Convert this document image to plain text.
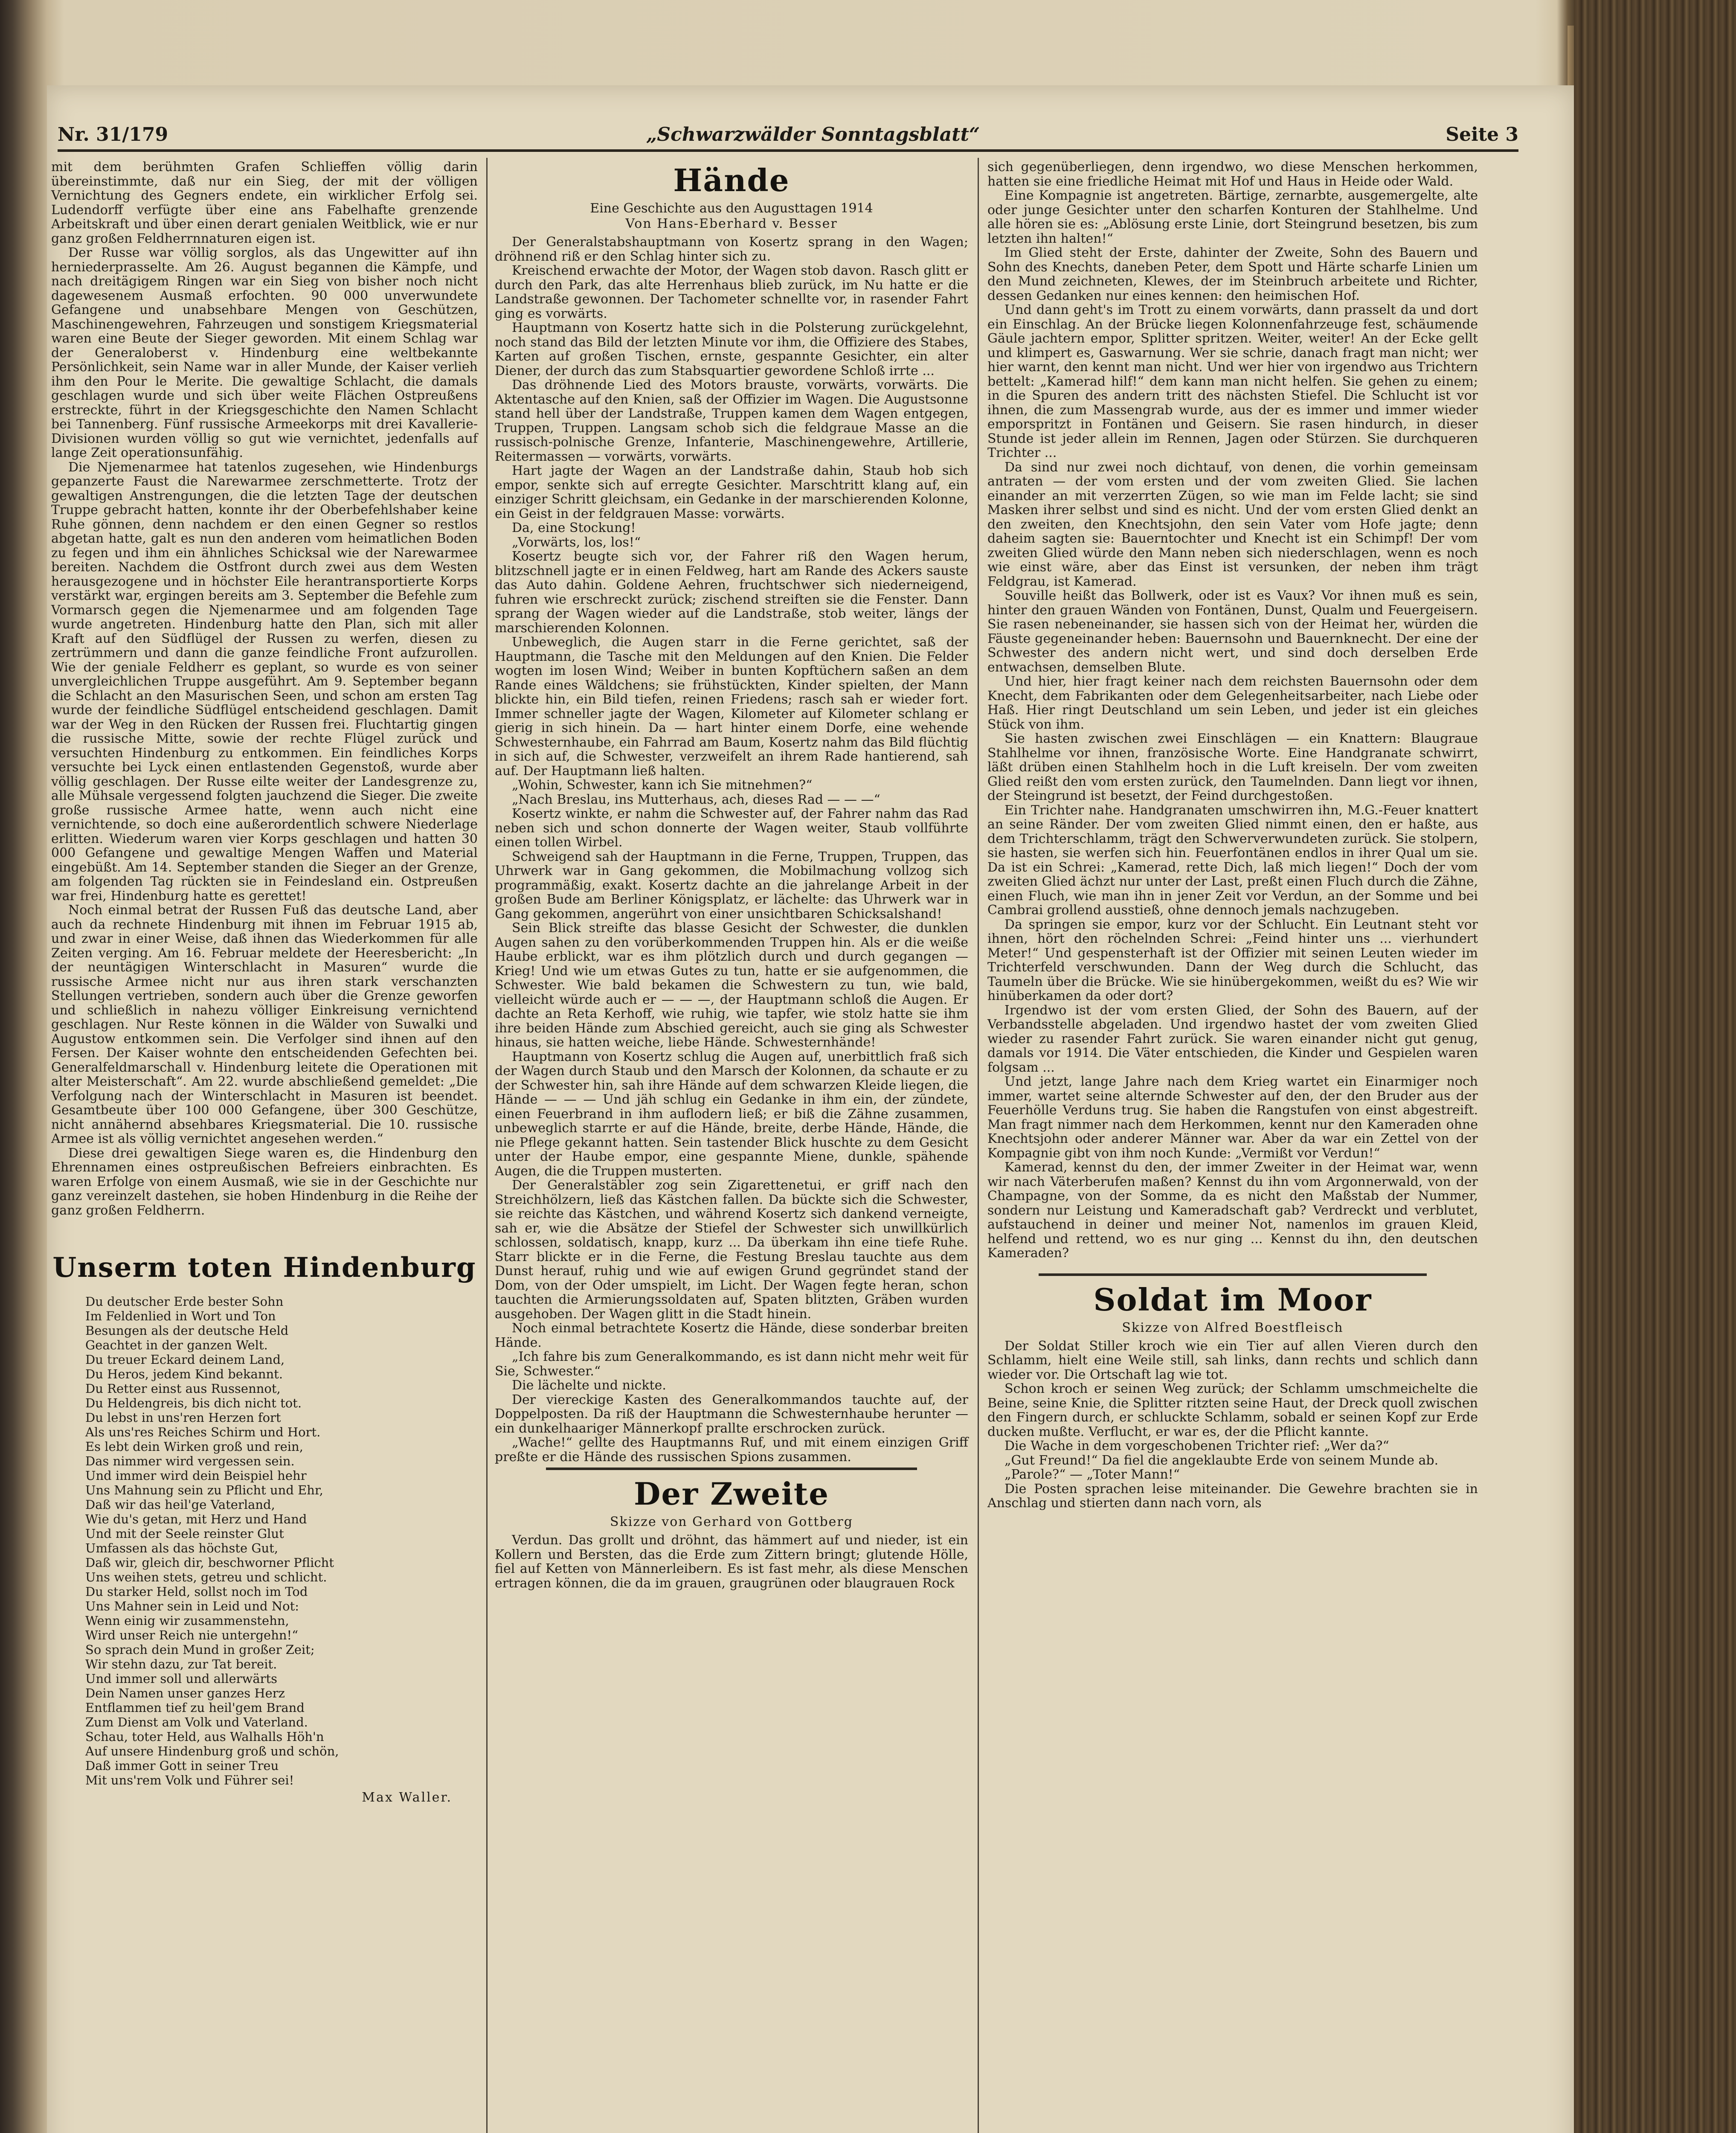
Nr. 31/179	„Schwarzwälder Sonntagsblatt“	Seite 3

mit dem berühmten Grafen Schlieffen völlig darin übereinstimmte, daß nur ein Sieg, der mit der völligen Vernichtung des Gegners endete, ein wirklicher Erfolg sei. Ludendorff verfügte über eine ans Fabelhafte grenzende Arbeitskraft und über einen derart genialen Weitblick, wie er nur ganz großen Feldherrnnaturen eigen ist.

Der Russe war völlig sorglos, als das Ungewitter auf ihn herniederprasselte. Am 26. August begannen die Kämpfe, und nach dreitägigem Ringen war ein Sieg von bisher noch nicht dagewesenem Ausmaß erfochten. 90 000 unverwundete Gefangene und unabsehbare Mengen von Geschützen, Maschinengewehren, Fahrzeugen und sonstigem Kriegsmaterial waren eine Beute der Sieger geworden. Mit einem Schlag war der Generaloberst v. Hindenburg eine weltbekannte Persönlichkeit, sein Name war in aller Munde, der Kaiser verlieh ihm den Pour le Merite. Die gewaltige Schlacht, die damals geschlagen wurde und sich über weite Flächen Ostpreußens erstreckte, führt in der Kriegsgeschichte den Namen Schlacht bei Tannenberg. Fünf russische Armeekorps mit drei Kavallerie-Divisionen wurden völlig so gut wie vernichtet, jedenfalls auf lange Zeit operationsunfähig.

Die Njemenarmee hat tatenlos zugesehen, wie Hindenburgs gepanzerte Faust die Narewarmee zerschmetterte. Trotz der gewaltigen Anstrengungen, die die letzten Tage der deutschen Truppe gebracht hatten, konnte ihr der Oberbefehlshaber keine Ruhe gönnen, denn nachdem er den einen Gegner so restlos abgetan hatte, galt es nun den anderen vom heimatlichen Boden zu fegen und ihm ein ähnliches Schicksal wie der Narewarmee bereiten. Nachdem die Ostfront durch zwei aus dem Westen herausgezogene und in höchster Eile herantransportierte Korps verstärkt war, ergingen bereits am 3. September die Befehle zum Vormarsch gegen die Njemenarmee und am folgenden Tage wurde angetreten. Hindenburg hatte den Plan, sich mit aller Kraft auf den Südflügel der Russen zu werfen, diesen zu zertrümmern und dann die ganze feindliche Front aufzurollen. Wie der geniale Feldherr es geplant, so wurde es von seiner unvergleichlichen Truppe ausgeführt. Am 9. September begann die Schlacht an den Masurischen Seen, und schon am ersten Tag wurde der feindliche Südflügel entscheidend geschlagen. Damit war der Weg in den Rücken der Russen frei. Fluchtartig gingen die russische Mitte, sowie der rechte Flügel zurück und versuchten Hindenburg zu entkommen. Ein feindliches Korps versuchte bei Lyck einen entlastenden Gegenstoß, wurde aber völlig geschlagen. Der Russe eilte weiter der Landesgrenze zu, alle Mühsale vergessend folgten jauchzend die Sieger. Die zweite große russische Armee hatte, wenn auch nicht eine vernichtende, so doch eine außerordentlich schwere Niederlage erlitten. Wiederum waren vier Korps geschlagen und hatten 30 000 Gefangene und gewaltige Mengen Waffen und Material eingebüßt. Am 14. September standen die Sieger an der Grenze, am folgenden Tag rückten sie in Feindesland ein. Ostpreußen war frei, Hindenburg hatte es gerettet!

Noch einmal betrat der Russen Fuß das deutsche Land, aber auch da rechnete Hindenburg mit ihnen im Februar 1915 ab, und zwar in einer Weise, daß ihnen das Wiederkommen für alle Zeiten verging. Am 16. Februar meldete der Heeresbericht: „In der neuntägigen Winterschlacht in Masuren“ wurde die russische Armee nicht nur aus ihren stark verschanzten Stellungen vertrieben, sondern auch über die Grenze geworfen und schließlich in nahezu völliger Einkreisung vernichtend geschlagen. Nur Reste können in die Wälder von Suwalki und Augustow entkommen sein. Die Verfolger sind ihnen auf den Fersen. Der Kaiser wohnte den entscheidenden Gefechten bei. Generalfeldmarschall v. Hindenburg leitete die Operationen mit alter Meisterschaft“. Am 22. wurde abschließend gemeldet: „Die Verfolgung nach der Winterschlacht in Masuren ist beendet. Gesamtbeute über 100 000 Gefangene, über 300 Geschütze, nicht annähernd absehbares Kriegsmaterial. Die 10. russische Armee ist als völlig vernichtet angesehen werden.“

Diese drei gewaltigen Siege waren es, die Hindenburg den Ehrennamen eines ostpreußischen Befreiers einbrachten. Es waren Erfolge von einem Ausmaß, wie sie in der Geschichte nur ganz vereinzelt dastehen, sie hoben Hindenburg in die Reihe der ganz großen Feldherrn.

Unserm toten Hindenburg
Du deutscher Erde bester Sohn
Im Feldenlied in Wort und Ton
Besungen als der deutsche Held
Geachtet in der ganzen Welt.
Du treuer Eckard deinem Land,
Du Heros, jedem Kind bekannt.
Du Retter einst aus Russennot,
Du Heldengreis, bis dich nicht tot.
Du lebst in uns'ren Herzen fort
Als uns'res Reiches Schirm und Hort.
Es lebt dein Wirken groß und rein,
Das nimmer wird vergessen sein.
Und immer wird dein Beispiel hehr
Uns Mahnung sein zu Pflicht und Ehr,
Daß wir das heil'ge Vaterland,
Wie du's getan, mit Herz und Hand
Und mit der Seele reinster Glut
Umfassen als das höchste Gut,
Daß wir, gleich dir, beschworner Pflicht
Uns weihen stets, getreu und schlicht.
Du starker Held, sollst noch im Tod
Uns Mahner sein in Leid und Not:
Wenn einig wir zusammenstehn,
Wird unser Reich nie untergehn!“
So sprach dein Mund in großer Zeit;
Wir stehn dazu, zur Tat bereit.
Und immer soll und allerwärts
Dein Namen unser ganzes Herz
Entflammen tief zu heil'gem Brand
Zum Dienst am Volk und Vaterland.
Schau, toter Held, aus Walhalls Höh'n
Auf unsere Hindenburg groß und schön,
Daß immer Gott in seiner Treu
Mit uns'rem Volk und Führer sei!
Max Waller.
Hände
Eine Geschichte aus den Augusttagen 1914
Von Hans-Eberhard v. Besser

Der Generalstabshauptmann von Kosertz sprang in den Wagen; dröhnend riß er den Schlag hinter sich zu.

Kreischend erwachte der Motor, der Wagen stob davon. Rasch glitt er durch den Park, das alte Herrenhaus blieb zurück, im Nu hatte er die Landstraße gewonnen. Der Tachometer schnellte vor, in rasender Fahrt ging es vorwärts.

Hauptmann von Kosertz hatte sich in die Polsterung zurückgelehnt, noch stand das Bild der letzten Minute vor ihm, die Offiziere des Stabes, Karten auf großen Tischen, ernste, gespannte Gesichter, ein alter Diener, der durch das zum Stabsquartier gewordene Schloß irrte ...

Das dröhnende Lied des Motors brauste, vorwärts, vorwärts. Die Aktentasche auf den Knien, saß der Offizier im Wagen. Die Augustsonne stand hell über der Landstraße, Truppen kamen dem Wagen entgegen, Truppen, Truppen. Langsam schob sich die feldgraue Masse an die russisch-polnische Grenze, Infanterie, Maschinengewehre, Artillerie, Reitermassen — vorwärts, vorwärts.

Hart jagte der Wagen an der Landstraße dahin, Staub hob sich empor, senkte sich auf erregte Gesichter. Marschtritt klang auf, ein einziger Schritt gleichsam, ein Gedanke in der marschierenden Kolonne, ein Geist in der feldgrauen Masse: vorwärts.

Da, eine Stockung!

„Vorwärts, los, los!“

Kosertz beugte sich vor, der Fahrer riß den Wagen herum, blitzschnell jagte er in einen Feldweg, hart am Rande des Ackers sauste das Auto dahin. Goldene Aehren, fruchtschwer sich niederneigend, fuhren wie erschreckt zurück; zischend streiften sie die Fenster. Dann sprang der Wagen wieder auf die Landstraße, stob weiter, längs der marschierenden Kolonnen.

Unbeweglich, die Augen starr in die Ferne gerichtet, saß der Hauptmann, die Tasche mit den Meldungen auf den Knien. Die Felder wogten im losen Wind; Weiber in bunten Kopftüchern saßen an dem Rande eines Wäldchens; sie frühstückten, Kinder spielten, der Mann blickte hin, ein Bild tiefen, reinen Friedens; rasch sah er wieder fort. Immer schneller jagte der Wagen, Kilometer auf Kilometer schlang er gierig in sich hinein. Da — hart hinter einem Dorfe, eine wehende Schwesternhaube, ein Fahrrad am Baum, Kosertz nahm das Bild flüchtig in sich auf, die Schwester, verzweifelt an ihrem Rade hantierend, sah auf. Der Hauptmann ließ halten.

„Wohin, Schwester, kann ich Sie mitnehmen?“

„Nach Breslau, ins Mutterhaus, ach, dieses Rad — — —“

Kosertz winkte, er nahm die Schwester auf, der Fahrer nahm das Rad neben sich und schon donnerte der Wagen weiter, Staub vollführte einen tollen Wirbel.

Schweigend sah der Hauptmann in die Ferne, Truppen, Truppen, das Uhrwerk war in Gang gekommen, die Mobilmachung vollzog sich programmäßig, exakt. Kosertz dachte an die jahrelange Arbeit in der großen Bude am Berliner Königsplatz, er lächelte: das Uhrwerk war in Gang gekommen, angerührt von einer unsichtbaren Schicksalshand!

Sein Blick streifte das blasse Gesicht der Schwester, die dunklen Augen sahen zu den vorüberkommenden Truppen hin. Als er die weiße Haube erblickt, war es ihm plötzlich durch und durch gegangen — Krieg! Und wie um etwas Gutes zu tun, hatte er sie aufgenommen, die Schwester. Wie bald bekamen die Schwestern zu tun, wie bald, vielleicht würde auch er — — —, der Hauptmann schloß die Augen. Er dachte an Reta Kerhoff, wie ruhig, wie tapfer, wie stolz hatte sie ihm ihre beiden Hände zum Abschied gereicht, auch sie ging als Schwester hinaus, sie hatten weiche, liebe Hände. Schwesternhände!

Hauptmann von Kosertz schlug die Augen auf, unerbittlich fraß sich der Wagen durch Staub und den Marsch der Kolonnen, da schaute er zu der Schwester hin, sah ihre Hände auf dem schwarzen Kleide liegen, die Hände — — — Und jäh schlug ein Gedanke in ihm ein, der zündete, einen Feuerbrand in ihm auflodern ließ; er biß die Zähne zusammen, unbeweglich starrte er auf die Hände, breite, derbe Hände, Hände, die nie Pflege gekannt hatten. Sein tastender Blick huschte zu dem Gesicht unter der Haube empor, eine gespannte Miene, dunkle, spähende Augen, die die Truppen musterten.

Der Generalstäbler zog sein Zigarettenetui, er griff nach den Streichhölzern, ließ das Kästchen fallen. Da bückte sich die Schwester, sie reichte das Kästchen, und während Kosertz sich dankend verneigte, sah er, wie die Absätze der Stiefel der Schwester sich unwillkürlich schlossen, soldatisch, knapp, kurz ... Da überkam ihn eine tiefe Ruhe. Starr blickte er in die Ferne, die Festung Breslau tauchte aus dem Dunst herauf, ruhig und wie auf ewigen Grund gegründet stand der Dom, von der Oder umspielt, im Licht. Der Wagen fegte heran, schon tauchten die Armierungssoldaten auf, Spaten blitzten, Gräben wurden ausgehoben. Der Wagen glitt in die Stadt hinein.

Noch einmal betrachtete Kosertz die Hände, diese sonderbar breiten Hände.

„Ich fahre bis zum Generalkommando, es ist dann nicht mehr weit für Sie, Schwester.“

Die lächelte und nickte.

Der viereckige Kasten des Generalkommandos tauchte auf, der Doppelposten. Da riß der Hauptmann die Schwesternhaube herunter — ein dunkelhaariger Männerkopf prallte erschrocken zurück.

„Wache!“ gellte des Hauptmanns Ruf, und mit einem einzigen Griff preßte er die Hände des russischen Spions zusammen.

Der Zweite
Skizze von Gerhard von Gottberg

Verdun. Das grollt und dröhnt, das hämmert auf und nieder, ist ein Kollern und Bersten, das die Erde zum Zittern bringt; glutende Hölle, fiel auf Ketten von Männerleibern. Es ist fast mehr, als diese Menschen ertragen können, die da im grauen, graugrünen oder blaugrauen Rock

sich gegenüberliegen, denn irgendwo, wo diese Menschen herkommen, hatten sie eine friedliche Heimat mit Hof und Haus in Heide oder Wald.

Eine Kompagnie ist angetreten. Bärtige, zernarbte, ausgemergelte, alte oder junge Gesichter unter den scharfen Konturen der Stahlhelme. Und alle hören sie es: „Ablösung erste Linie, dort Steingrund besetzen, bis zum letzten ihn halten!“

Im Glied steht der Erste, dahinter der Zweite, Sohn des Bauern und Sohn des Knechts, daneben Peter, dem Spott und Härte scharfe Linien um den Mund zeichneten, Klewes, der im Steinbruch arbeitete und Richter, dessen Gedanken nur eines kennen: den heimischen Hof.

Und dann geht's im Trott zu einem vorwärts, dann prasselt da und dort ein Einschlag. An der Brücke liegen Kolonnenfahrzeuge fest, schäumende Gäule jachtern empor, Splitter spritzen. Weiter, weiter! An der Ecke gellt und klimpert es, Gaswarnung. Wer sie schrie, danach fragt man nicht; wer hier warnt, den kennt man nicht. Und wer hier von irgendwo aus Trichtern bettelt: „Kamerad hilf!“ dem kann man nicht helfen. Sie gehen zu einem; in die Spuren des andern tritt des nächsten Stiefel. Die Schlucht ist vor ihnen, die zum Massengrab wurde, aus der es immer und immer wieder emporspritzt in Fontänen und Geisern. Sie rasen hindurch, in dieser Stunde ist jeder allein im Rennen, Jagen oder Stürzen. Sie durchqueren Trichter ...

Da sind nur zwei noch dichtauf, von denen, die vorhin gemeinsam antraten — der vom ersten und der vom zweiten Glied. Sie lachen einander an mit verzerrten Zügen, so wie man im Felde lacht; sie sind Masken ihrer selbst und sind es nicht. Und der vom ersten Glied denkt an den zweiten, den Knechtsjohn, den sein Vater vom Hofe jagte; denn daheim sagten sie: Bauerntochter und Knecht ist ein Schimpf! Der vom zweiten Glied würde den Mann neben sich niederschlagen, wenn es noch wie einst wäre, aber das Einst ist versunken, der neben ihm trägt Feldgrau, ist Kamerad.

Souville heißt das Bollwerk, oder ist es Vaux? Vor ihnen muß es sein, hinter den grauen Wänden von Fontänen, Dunst, Qualm und Feuergeisern. Sie rasen nebeneinander, sie hassen sich von der Heimat her, würden die Fäuste gegeneinander heben: Bauernsohn und Bauernknecht. Der eine der Schwester des andern nicht wert, und sind doch derselben Erde entwachsen, demselben Blute.

Und hier, hier fragt keiner nach dem reichsten Bauernsohn oder dem Knecht, dem Fabrikanten oder dem Gelegenheitsarbeiter, nach Liebe oder Haß. Hier ringt Deutschland um sein Leben, und jeder ist ein gleiches Stück von ihm.

Sie hasten zwischen zwei Einschlägen — ein Knattern: Blaugraue Stahlhelme vor ihnen, französische Worte. Eine Handgranate schwirrt, läßt drüben einen Stahlhelm hoch in die Luft kreiseln. Der vom zweiten Glied reißt den vom ersten zurück, den Taumelnden. Dann liegt vor ihnen, der Steingrund ist besetzt, der Feind durchgestoßen.

Ein Trichter nahe. Handgranaten umschwirren ihn, M.G.-Feuer knattert an seine Ränder. Der vom zweiten Glied nimmt einen, den er haßte, aus dem Trichterschlamm, trägt den Schwerverwundeten zurück. Sie stolpern, sie hasten, sie werfen sich hin. Feuerfontänen endlos in ihrer Qual um sie. Da ist ein Schrei: „Kamerad, rette Dich, laß mich liegen!“ Doch der vom zweiten Glied ächzt nur unter der Last, preßt einen Fluch durch die Zähne, einen Fluch, wie man ihn in jener Zeit vor Verdun, an der Somme und bei Cambrai grollend ausstieß, ohne dennoch jemals nachzugeben.

Da springen sie empor, kurz vor der Schlucht. Ein Leutnant steht vor ihnen, hört den röchelnden Schrei: „Feind hinter uns ... vierhundert Meter!“ Und gespensterhaft ist der Offizier mit seinen Leuten wieder im Trichterfeld verschwunden. Dann der Weg durch die Schlucht, das Taumeln über die Brücke. Wie sie hinübergekommen, weißt du es? Wie wir hinüberkamen da oder dort?

Irgendwo ist der vom ersten Glied, der Sohn des Bauern, auf der Verbandsstelle abgeladen. Und irgendwo hastet der vom zweiten Glied wieder zu rasender Fahrt zurück. Sie waren einander nicht gut genug, damals vor 1914. Die Väter entschieden, die Kinder und Gespielen waren folgsam ...

Und jetzt, lange Jahre nach dem Krieg wartet ein Einarmiger noch immer, wartet seine alternde Schwester auf den, der den Bruder aus der Feuerhölle Verduns trug. Sie haben die Rangstufen von einst abgestreift. Man fragt nimmer nach dem Herkommen, kennt nur den Kameraden ohne Knechtsjohn oder anderer Männer war. Aber da war ein Zettel von der Kompagnie gibt von ihm noch Kunde: „Vermißt vor Verdun!“

Kamerad, kennst du den, der immer Zweiter in der Heimat war, wenn wir nach Väterberufen maßen? Kennst du ihn vom Argonnerwald, von der Champagne, von der Somme, da es nicht den Maßstab der Nummer, sondern nur Leistung und Kameradschaft gab? Verdreckt und verblutet, aufstauchend in deiner und meiner Not, namenlos im grauen Kleid, helfend und rettend, wo es nur ging ... Kennst du ihn, den deutschen Kameraden?

Soldat im Moor
Skizze von Alfred Boestfleisch

Der Soldat Stiller kroch wie ein Tier auf allen Vieren durch den Schlamm, hielt eine Weile still, sah links, dann rechts und schlich dann wieder vor. Die Ortschaft lag wie tot.

Schon kroch er seinen Weg zurück; der Schlamm umschmeichelte die Beine, seine Knie, die Splitter ritzten seine Haut, der Dreck quoll zwischen den Fingern durch, er schluckte Schlamm, sobald er seinen Kopf zur Erde ducken mußte. Verflucht, er war es, der die Pflicht kannte.

Die Wache in dem vorgeschobenen Trichter rief: „Wer da?“

„Gut Freund!“ Da fiel die angeklaubte Erde von seinem Munde ab.

„Parole?“ — „Toter Mann!“

Die Posten sprachen leise miteinander. Die Gewehre brachten sie in Anschlag und stierten dann nach vorn, als
